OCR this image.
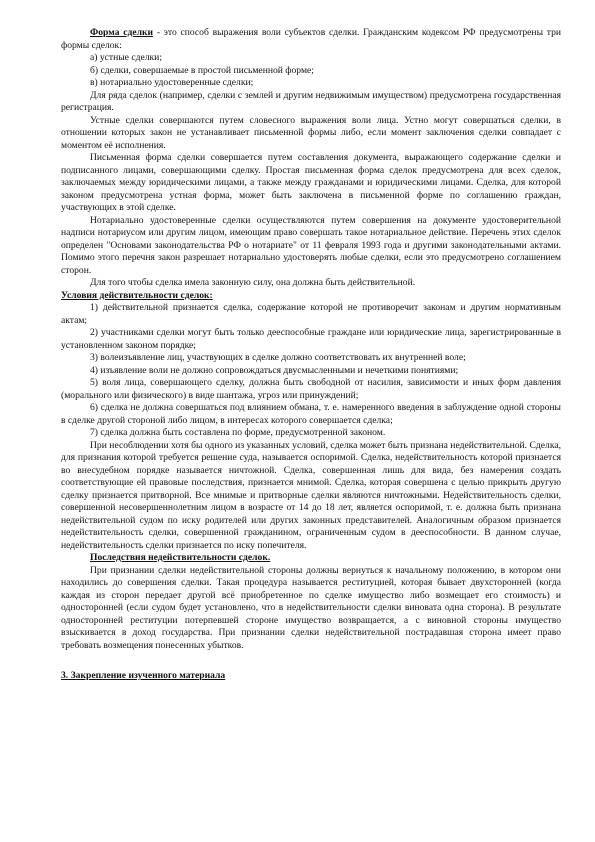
Форма сделки - это способ выражения воли субъектов сделки. Гражданским кодексом РФ предусмотрены три формы сделок:

а) устные сделки;

б) сделки, совершаемые в простой письменной форме;

в) нотариально удостоверенные сделки;

Для ряда сделок (например, сделки с землей и другим недвижимым имуществом) предусмотрена государственная регистрация.

Устные сделки совершаются путем словесного выражения воли лица. Устно могут совершаться сделки, в отношении которых закон не устанавливает письменной формы либо, если момент заключения сделки совпадает с моментом её исполнения.

Письменная форма сделки совершается путем составления документа, выражающего содержание сделки и подписанного лицами, совершающими сделку. Простая письменная форма сделок предусмотрена для всех сделок, заключаемых между юридическими лицами, а также между гражданами и юридическими лицами. Сделка, для которой законом предусмотрена устная форма, может быть заключена в письменной форме по соглашению граждан, участвующих в этой сделке.

Нотариально удостоверенные сделки осуществляются путем совершения на документе удостоверительной надписи нотариусом или другим лицом, имеющим право совершать такое нотариальное действие. Перечень этих сделок определен "Основами законодательства РФ о нотариате" от 11 февраля 1993 года и другими законодательными актами. Помимо этого перечня закон разрешает нотариально удостоверять любые сделки, если это предусмотрено соглашением сторон.

Для того чтобы сделка имела законную силу, она должна быть действительной.

Условия действительности сделок:

1) действительной признается сделка, содержание которой не противоречит законам и другим нормативным актам;

2) участниками сделки могут быть только дееспособные граждане или юридические лица, зарегистрированные в установленном законом порядке;

3) волеизъявление лиц, участвующих в сделке должно соответствовать их внутренней воле;

4) изъявление воли не должно сопровождаться двусмысленными и нечеткими понятиями;

5) воля лица, совершающего сделку, должна быть свободной от насилия, зависимости и иных форм давления (морального или физического) в виде шантажа, угроз или принуждений;

6) сделка не должна совершаться под влиянием обмана, т. е. намеренного введения в заблуждение одной стороны в сделке другой стороной либо лицом, в интересах которого совершается сделка;

7) сделка должна быть составлена по форме, предусмотренной законом.

При несоблюдении хотя бы одного из указанных условий, сделка может быть признана недействительной. Сделка, для признания которой требуется решение суда, называется оспоримой. Сделка, недействительность которой признается во внесудебном порядке называется ничтожной. Сделка, совершенная лишь для вида, без намерения создать соответствующие ей правовые последствия, признается мнимой. Сделка, которая совершена с целью прикрыть другую сделку признается притворной. Все мнимые и притворные сделки являются ничтожными. Недействительность сделки, совершенной несовершеннолетним лицом в возрасте от 14 до 18 лет, является оспоримой, т. е. должна быть признана недействительной судом по иску родителей или других законных представителей. Аналогичным образом признается недействительность сделки, совершенной гражданином, ограниченным судом в дееспособности. В данном случае, недействительность сделки признается по иску попечителя.

Последствия недействительности сделок.

При признании сделки недействительной стороны должны вернуться к начальному положению, в котором они находились до совершения сделки. Такая процедура называется реституцией, которая бывает двухсторонней (когда каждая из сторон передает другой всё приобретенное по сделке имущество либо возмещает его стоимость) и односторонней (если судом будет установлено, что в недействительности сделки виновата одна сторона). В результате односторонней реституции потерпевшей стороне имущество возвращается, а с виновной стороны имущество взыскивается в доход государства. При признании сделки недействительной пострадавшая сторона имеет право требовать возмещения понесенных убытков.

3. Закрепление изученного материала
